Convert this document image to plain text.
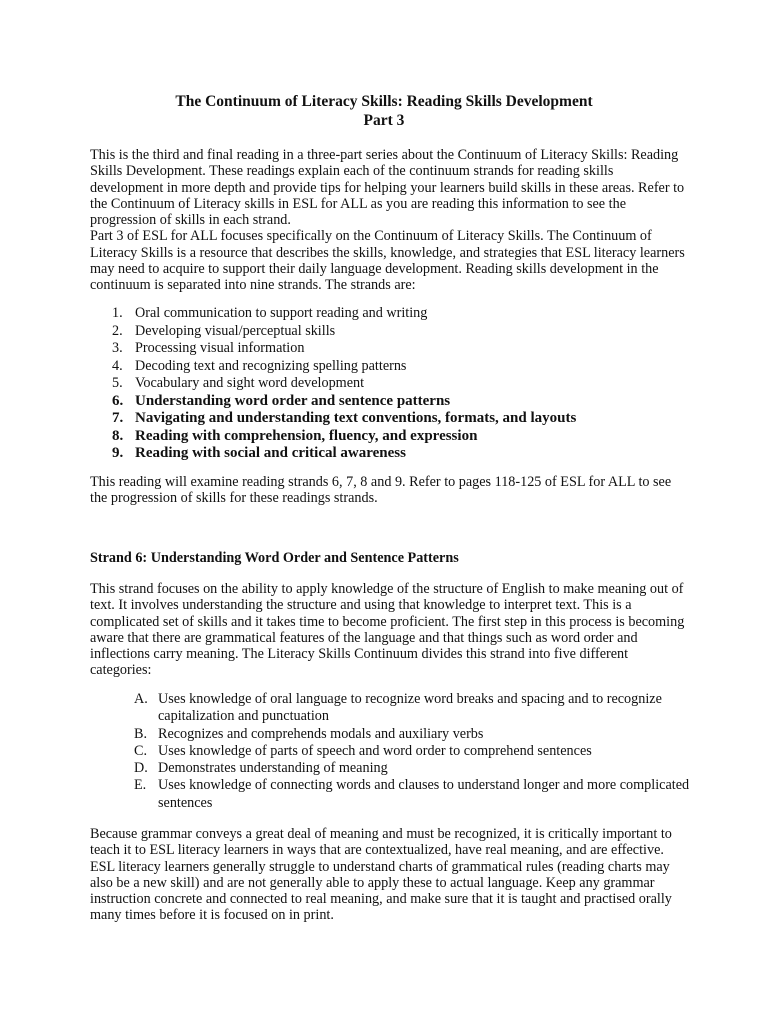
The Continuum of Literacy Skills: Reading Skills Development
Part 3
This is the third and final reading in a three-part series about the Continuum of Literacy Skills: Reading Skills Development. These readings explain each of the continuum strands for reading skills development in more depth and provide tips for helping your learners build skills in these areas. Refer to the Continuum of Literacy skills in ESL for ALL as you are reading this information to see the progression of skills in each strand.
Part 3 of ESL for ALL focuses specifically on the Continuum of Literacy Skills. The Continuum of Literacy Skills is a resource that describes the skills, knowledge, and strategies that ESL literacy learners may need to acquire to support their daily language development. Reading skills development in the continuum is separated into nine strands. The strands are:
1. Oral communication to support reading and writing
2. Developing visual/perceptual skills
3. Processing visual information
4. Decoding text and recognizing spelling patterns
5. Vocabulary and sight word development
6. Understanding word order and sentence patterns
7. Navigating and understanding text conventions, formats, and layouts
8. Reading with comprehension, fluency, and expression
9. Reading with social and critical awareness

This reading will examine reading strands 6, 7, 8 and 9. Refer to pages 118-125 of ESL for ALL to see the progression of skills for these readings strands.

Strand 6: Understanding Word Order and Sentence Patterns

This strand focuses on the ability to apply knowledge of the structure of English to make meaning out of text. It involves understanding the structure and using that knowledge to interpret text. This is a complicated set of skills and it takes time to become proficient. The first step in this process is becoming aware that there are grammatical features of the language and that things such as word order and inflections carry meaning. The Literacy Skills Continuum divides this strand into five different categories:

A. Uses knowledge of oral language to recognize word breaks and spacing and to recognize capitalization and punctuation
B. Recognizes and comprehends modals and auxiliary verbs
C. Uses knowledge of parts of speech and word order to comprehend sentences
D. Demonstrates understanding of meaning
E. Uses knowledge of connecting words and clauses to understand longer and more complicated sentences

Because grammar conveys a great deal of meaning and must be recognized, it is critically important to teach it to ESL literacy learners in ways that are contextualized, have real meaning, and are effective. ESL literacy learners generally struggle to understand charts of grammatical rules (reading charts may also be a new skill) and are not generally able to apply these to actual language. Keep any grammar instruction concrete and connected to real meaning, and make sure that it is taught and practised orally many times before it is focused on in print.
